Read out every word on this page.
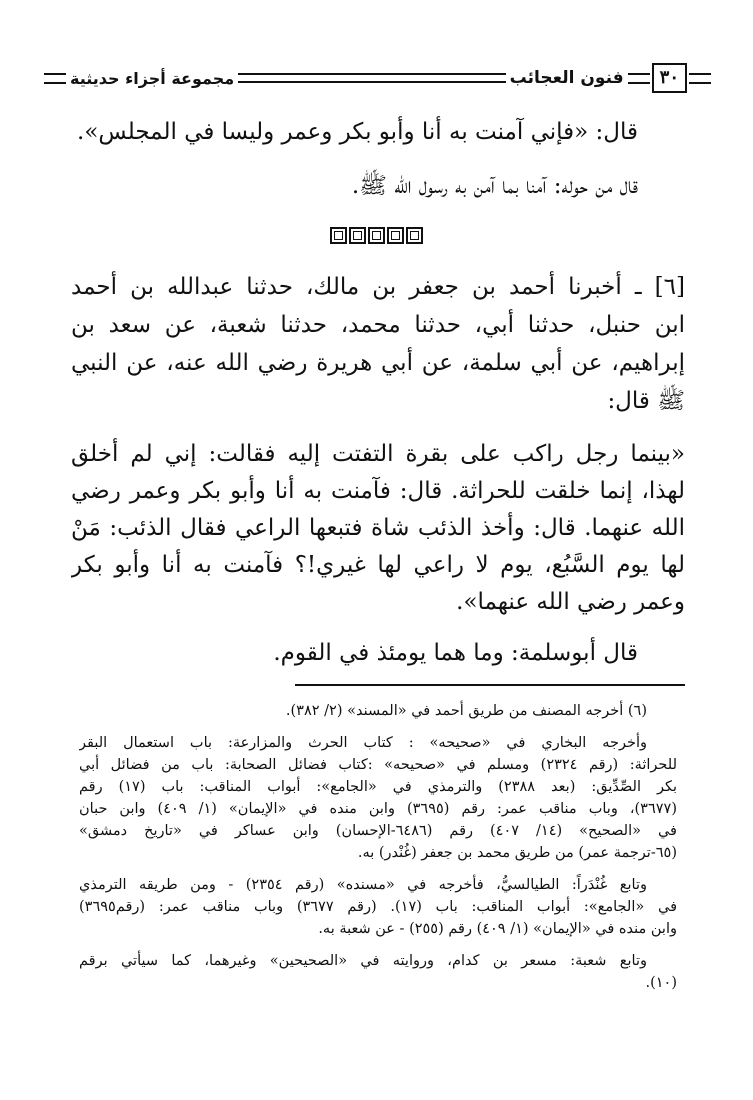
٣٠
فنون العجائب
مجموعة أجزاء حديثية
قال: «فإني آمنت به أنا وأبو بكر وعمر وليسا في المجلس».
قال من حوله: آمنا بما آمن به رسول الله ﷺ.
[٦] ـ أخبرنا أحمد بن جعفر بن مالك، حدثنا عبدالله بن أحمد
ابن حنبل، حدثنا أبي، حدثنا محمد، حدثنا شعبة، عن سعد بن
إبراهيم، عن أبي سلمة، عن أبي هريرة رضي الله عنه، عن النبي
ﷺ قال:
«بينما رجل راكب على بقرة التفتت إليه فقالت: إني لم أخلق
لهذا، إنما خلقت للحراثة. قال: فآمنت به أنا وأبو بكر وعمر رضي
الله عنهما. قال: وأخذ الذئب شاة فتبعها الراعي فقال الذئب: مَنْ
لها يوم السَّبُع، يوم لا راعي لها غيري!؟ فآمنت به أنا وأبو بكر
وعمر رضي الله عنهما».
قال أبوسلمة: وما هما يومئذ في القوم.
(٦) أخرجه المصنف من طريق أحمد في «المسند» (٢/ ٣٨٢).
وأخرجه البخاري في «صحيحه» : كتاب الحرث والمزارعة: باب استعمال البقر
للحراثة: (رقم ٢٣٢٤) ومسلم في «صحيحه» :كتاب فضائل الصحابة: باب من فضائل أبي
بكر الصِّدِّيق: (بعد ٢٣٨٨) والترمذي في «الجامع»: أبواب المناقب: باب (١٧) رقم
(٣٦٧٧)، وباب مناقب عمر: رقم (٣٦٩٥) وابن منده في «الإيمان» (١/ ٤٠٩) وابن حبان
في «الصحيح» (١٤/ ٤٠٧) رقم (٦٤٨٦-الإحسان) وابن عساكر في «تاريخ دمشق»
(٦٥-ترجمة عمر) من طريق محمد بن جعفر (غُنْدر) به.
وتابع غُنْدَراً: الطيالسيُّ، فأخرجه في «مسنده» (رقم ٢٣٥٤) - ومن طريقه الترمذي
في «الجامع»: أبواب المناقب: باب (١٧). (رقم ٣٦٧٧) وباب مناقب عمر: (رقم٣٦٩٥)
وابن منده في «الإيمان» (١/ ٤٠٩) رقم (٢٥٥) - عن شعبة به.
وتابع شعبة: مسعر بن كدام، وروايته في «الصحيحين» وغيرهما، كما سيأتي برقم
(١٠).
